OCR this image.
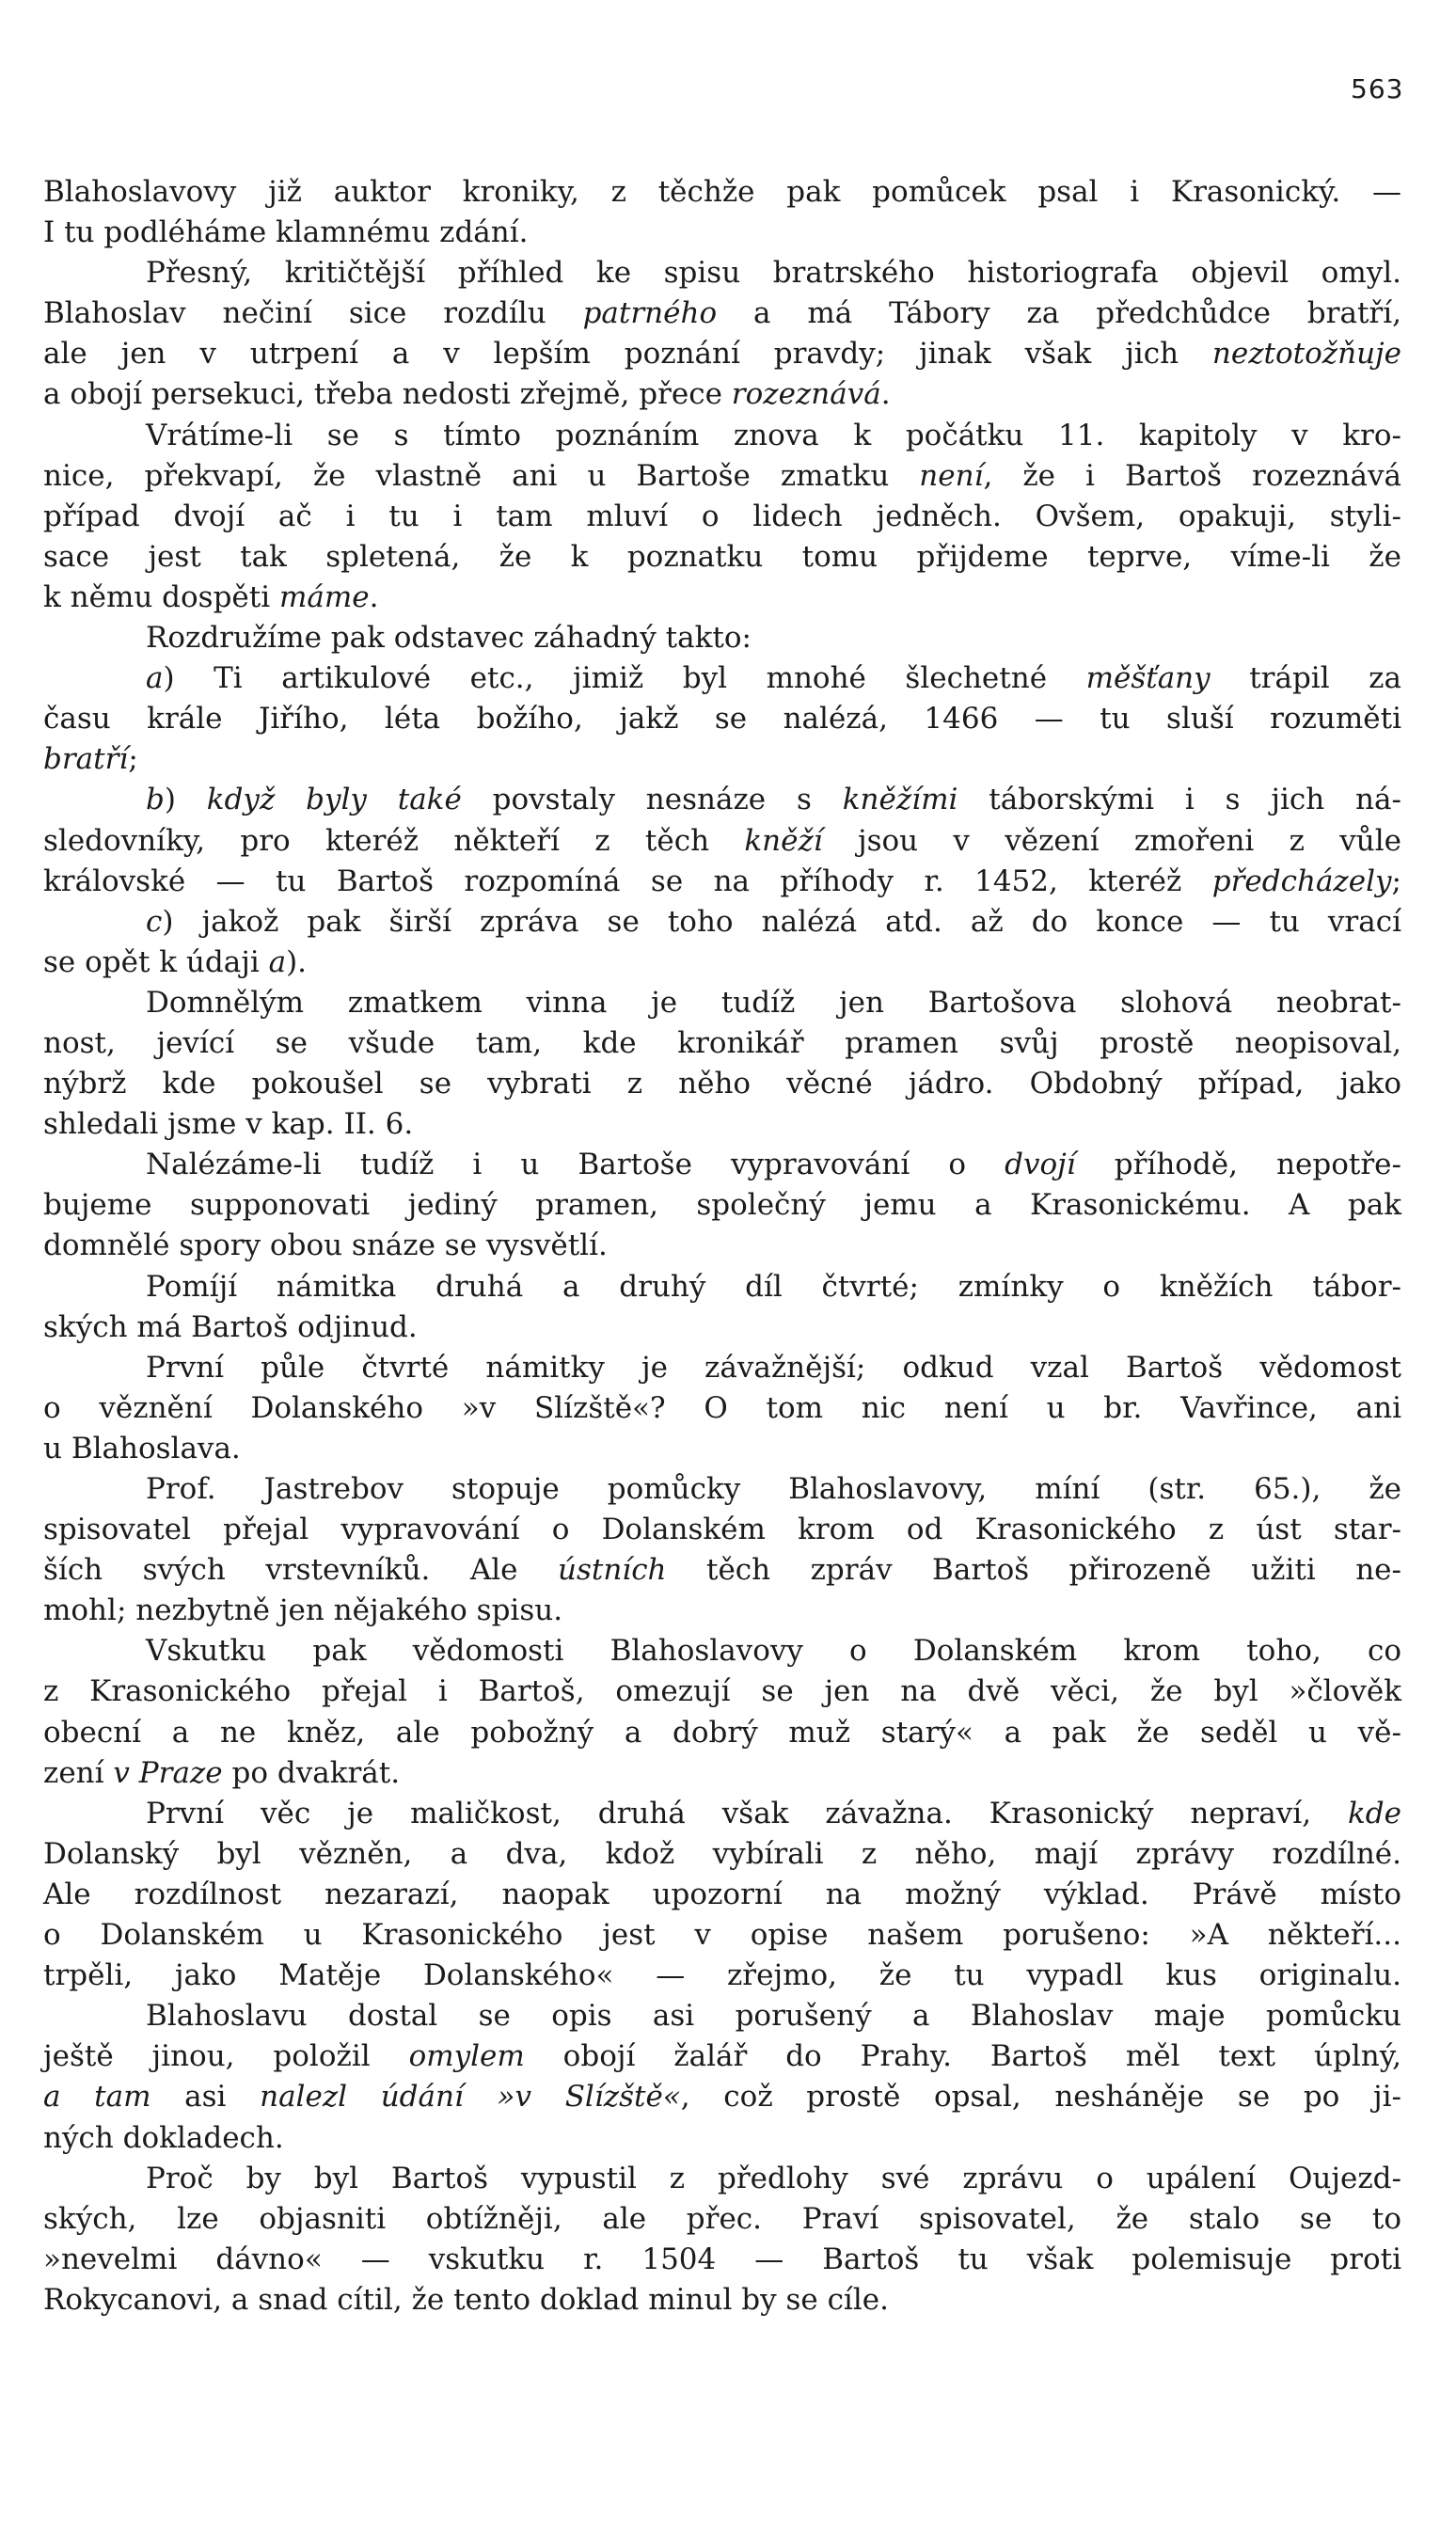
563
Blahoslavovy již auktor kroniky, z těchže pak pomůcek psal i Krasonický. —
I tu podléháme klamnému zdání.
Přesný, kritičtější příhled ke spisu bratrského historiografa objevil omyl.
Blahoslav nečiní sice rozdílu patrného a má Tábory za předchůdce bratří,
ale jen v utrpení a v lepším poznání pravdy; jinak však jich neztotožňuje
a obojí persekuci, třeba nedosti zřejmě, přece rozeznává.
Vrátíme-li se s tímto poznáním znova k počátku 11. kapitoly v kro-
nice, překvapí, že vlastně ani u Bartoše zmatku není, že i Bartoš rozeznává
případ dvojí ač i tu i tam mluví o lidech jedněch. Ovšem, opakuji, styli-
sace jest tak spletená, že k poznatku tomu přijdeme teprve, víme-li že
k němu dospěti máme.
Rozdružíme pak odstavec záhadný takto:
a) Ti artikulové etc., jimiž byl mnohé šlechetné měšťany trápil za
času krále Jiřího, léta božího, jakž se nalézá, 1466 — tu sluší rozuměti
bratří;
b) když byly také povstaly nesnáze s kněžími táborskými i s jich ná-
sledovníky, pro kteréž někteří z těch kněží jsou v vězení zmořeni z vůle
královské — tu Bartoš rozpomíná se na příhody r. 1452, kteréž předcházely;
c) jakož pak širší zpráva se toho nalézá atd. až do konce — tu vrací
se opět k údaji a).
Domnělým zmatkem vinna je tudíž jen Bartošova slohová neobrat-
nost, jevící se všude tam, kde kronikář pramen svůj prostě neopisoval,
nýbrž kde pokoušel se vybrati z něho věcné jádro. Obdobný případ, jako
shledali jsme v kap. II. 6.
Nalézáme-li tudíž i u Bartoše vypravování o dvojí příhodě, nepotře-
bujeme supponovati jediný pramen, společný jemu a Krasonickému. A pak
domnělé spory obou snáze se vysvětlí.
Pomíjí námitka druhá a druhý díl čtvrté; zmínky o kněžích tábor-
ských má Bartoš odjinud.
První půle čtvrté námitky je závažnější; odkud vzal Bartoš vědomost
o věznění Dolanského »v Slízště«? O tom nic není u br. Vavřince, ani
u Blahoslava.
Prof. Jastrebov stopuje pomůcky Blahoslavovy, míní (str. 65.), že
spisovatel přejal vypravování o Dolanském krom od Krasonického z úst star-
ších svých vrstevníků. Ale ústních těch zpráv Bartoš přirozeně užiti ne-
mohl; nezbytně jen nějakého spisu.
Vskutku pak vědomosti Blahoslavovy o Dolanském krom toho, co
z Krasonického přejal i Bartoš, omezují se jen na dvě věci, že byl »člověk
obecní a ne kněz, ale pobožný a dobrý muž starý« a pak že seděl u vě-
zení v Praze po dvakrát.
První věc je maličkost, druhá však závažna. Krasonický nepraví, kde
Dolanský byl vězněn, a dva, kdož vybírali z něho, mají zprávy rozdílné.
Ale rozdílnost nezarazí, naopak upozorní na možný výklad. Právě místo
o Dolanském u Krasonického jest v opise našem porušeno: »A někteří...
trpěli, jako Matěje Dolanského« — zřejmo, že tu vypadl kus originalu.
Blahoslavu dostal se opis asi porušený a Blahoslav maje pomůcku
ještě jinou, položil omylem obojí žalář do Prahy. Bartoš měl text úplný,
a tam asi nalezl údání »v Slízště«, což prostě opsal, nesháněje se po ji-
ných dokladech.
Proč by byl Bartoš vypustil z předlohy své zprávu o upálení Oujezd-
ských, lze objasniti obtížněji, ale přec. Praví spisovatel, že stalo se to
»nevelmi dávno« — vskutku r. 1504 — Bartoš tu však polemisuje proti
Rokycanovi, a snad cítil, že tento doklad minul by se cíle.
